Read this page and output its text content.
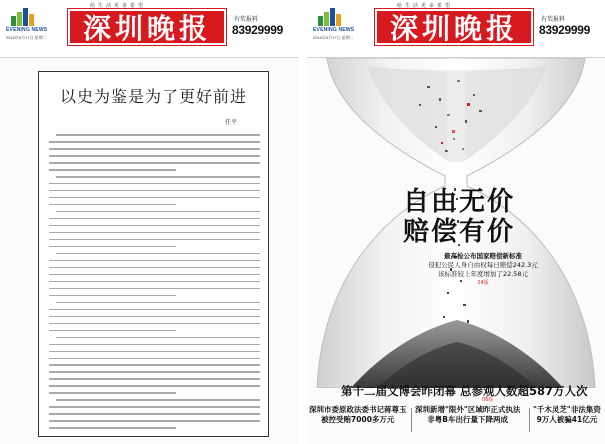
EVENING NEWS
2016年5月17日 星期二
给生活更多希望
深圳晚报	有奖报料
83929999
以史为鉴是为了更好前进
任平
EVENING NEWS
2016年5月17日 星期二
给生活更多希望
深圳晚报	有奖报料
83929999
自由无价
赔偿有价
最高检公布国家赔偿新标准
侵犯公民人身自由权每日赔偿242.3元
该标准较上年度增加了22.58元
24版
第十二届文博会昨闭幕 总参观人数超587万人次
06版
深圳市委原政法委书记蒋尊玉
被控受贿7000多万元
深圳新增"限外"区域昨正式执法
非粤B车出行量下降两成
"千木灵芝"非法集资
9万人被骗41亿元
